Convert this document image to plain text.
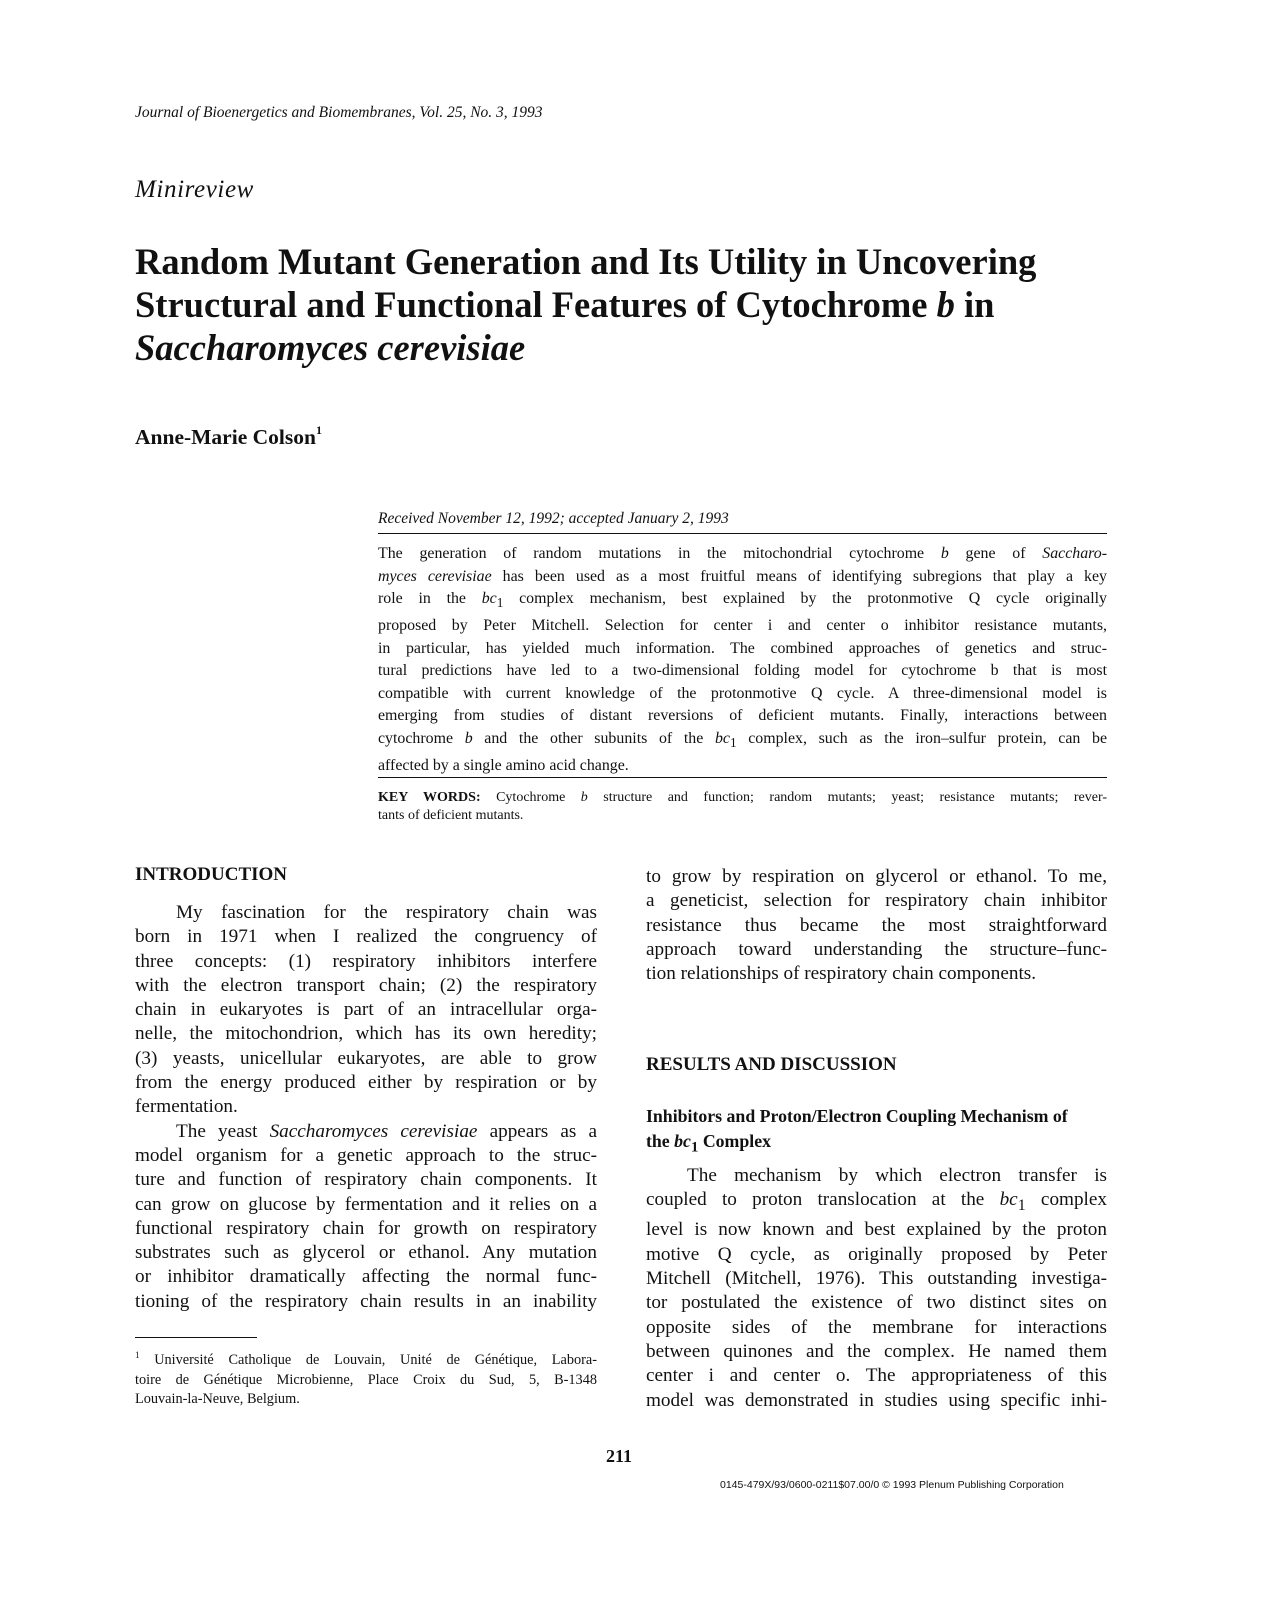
Journal of Bioenergetics and Biomembranes, Vol. 25, No. 3, 1993
Minireview
Random Mutant Generation and Its Utility in Uncovering
Structural and Functional Features of Cytochrome b in
Saccharomyces cerevisiae
Anne-Marie Colson$^1$
Received November 12, 1992; accepted January 2, 1993
The generation of random mutations in the mitochondrial cytochrome b gene of Saccharo-
myces cerevisiae has been used as a most fruitful means of identifying subregions that play a key
role in the $bc_1$ complex mechanism, best explained by the protonmotive Q cycle originally
proposed by Peter Mitchell. Selection for center i and center o inhibitor resistance mutants,
in particular, has yielded much information. The combined approaches of genetics and struc-
tural predictions have led to a two-dimensional folding model for cytochrome b that is most
compatible with current knowledge of the protonmotive Q cycle. A three-dimensional model is
emerging from studies of distant reversions of deficient mutants. Finally, interactions between
cytochrome b and the other subunits of the $bc_1$ complex, such as the iron–sulfur protein, can be
affected by a single amino acid change.
KEY WORDS: Cytochrome b structure and function; random mutants; yeast; resistance mutants; rever-
tants of deficient mutants.
INTRODUCTION
My fascination for the respiratory chain was
born in 1971 when I realized the congruency of
three concepts: (1) respiratory inhibitors interfere
with the electron transport chain; (2) the respiratory
chain in eukaryotes is part of an intracellular orga-
nelle, the mitochondrion, which has its own heredity;
(3) yeasts, unicellular eukaryotes, are able to grow
from the energy produced either by respiration or by
fermentation.
The yeast Saccharomyces cerevisiae appears as a
model organism for a genetic approach to the struc-
ture and function of respiratory chain components. It
can grow on glucose by fermentation and it relies on a
functional respiratory chain for growth on respiratory
substrates such as glycerol or ethanol. Any mutation
or inhibitor dramatically affecting the normal func-
tioning of the respiratory chain results in an inability
$^1$ Université Catholique de Louvain, Unité de Génétique, Labora-
toire de Génétique Microbienne, Place Croix du Sud, 5, B-1348
Louvain-la-Neuve, Belgium.
to grow by respiration on glycerol or ethanol. To me,
a geneticist, selection for respiratory chain inhibitor
resistance thus became the most straightforward
approach toward understanding the structure–func-
tion relationships of respiratory chain components.
RESULTS AND DISCUSSION
Inhibitors and Proton/Electron Coupling Mechanism of
the $bc_1$ Complex
The mechanism by which electron transfer is
coupled to proton translocation at the $bc_1$ complex
level is now known and best explained by the proton
motive Q cycle, as originally proposed by Peter
Mitchell (Mitchell, 1976). This outstanding investiga-
tor postulated the existence of two distinct sites on
opposite sides of the membrane for interactions
between quinones and the complex. He named them
center i and center o. The appropriateness of this
model was demonstrated in studies using specific inhi-
211
0145-479X/93/0600-0211$07.00/0 © 1993 Plenum Publishing Corporation
